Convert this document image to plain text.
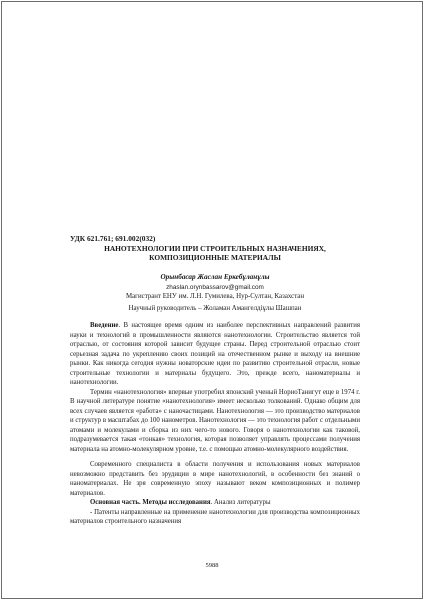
УДК 621.761; 691.002(032)

НАНОТЕХНОЛОГИИ ПРИ СТРОИТЕЛЬНЫХ НАЗНАЧЕНИЯХ,

КОМПОЗИЦИОННЫЕ МАТЕРИАЛЫ

Орынбасар Жаслан Еркебұланұлы

zhaslan.orynbassarov@gmail.com

Магистрант ЕНУ им. Л.Н. Гумилева, Нур-Султан, Казахстан

Научный руководитель – Жоламан Амангелдіұлы Шашпан

Введение. В настоящее время одним из наиболее перспективных направлений развития науки и технологий в промышленности являются нанотехнологии. Строительство является той отраслью, от состояния которой зависит будущее страны. Перед строительной отраслью стоит серьезная задача по укреплению своих позиций на отечественном рынке и выходу на внешние рынки. Как никогда сегодня нужны новаторские идеи по развитию строительной отрасли, новые строительные технологии и материалы будущего. Это, прежде всего, наноматериалы и нанотехнологии.

Термин «нанотехнология» впервые употребил японский ученый НориоТанигут еще в 1974 г. В научной литературе понятие «нанотехнология» имеет несколько толкований. Однако общим для всех случаев является «работа» с наночастицами. Нанотехнология — это производство материалов и структур в масштабах до 100 нанометров. Нанотехнология — это технология работ с отдельными атомами и молекулами и сборка из них чего-то нового. Говоря о нанотехнологии как таковой, подразумевается такая «тонкая» технология, которая позволяет управлять процессами получения материала на атомно-молекулярном уровне, т.е. с помощью атомно-молекулярного воздействия.

Современного специалиста в области получения и использования новых материалов невозможно представить без эрудиции в мире нанотехнологий, в особенности без знаний о наноматериалах. Не зря современную эпоху называют веком композиционных и полимер материалов.

Основная часть. Методы исследования. Анализ литературы

- Патенты направленные на применение нанотехнологии для производства композиционных материалов строительного назначения

5988
